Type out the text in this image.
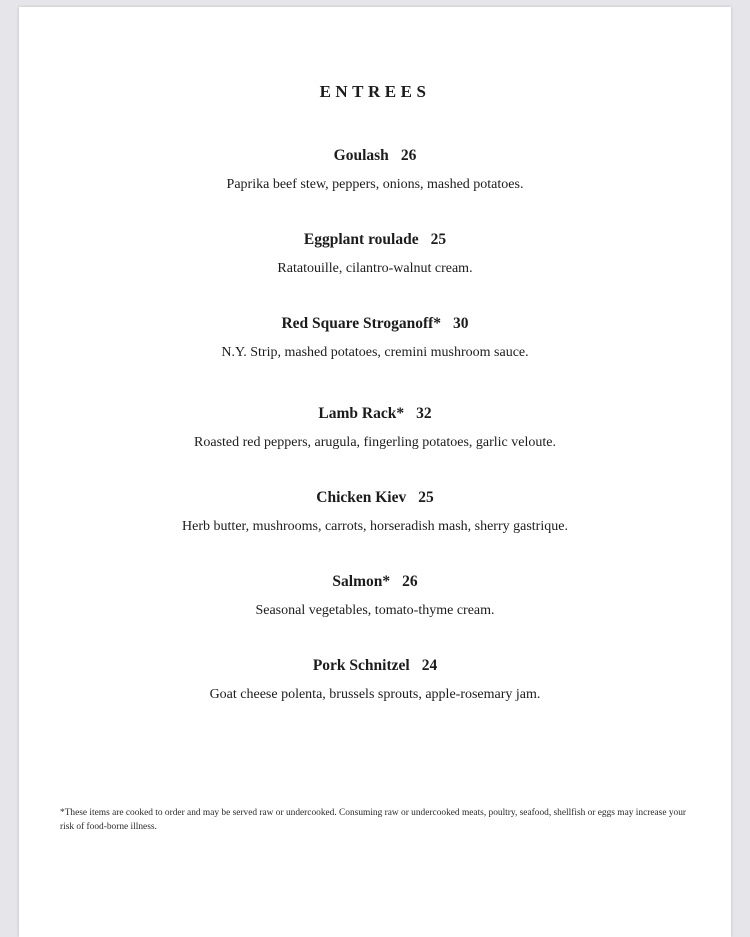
ENTREES

Goulash 26

Paprika beef stew, peppers, onions, mashed potatoes.

Eggplant roulade 25

Ratatouille, cilantro-walnut cream.

Red Square Stroganoff* 30

N.Y. Strip, mashed potatoes, cremini mushroom sauce.

Lamb Rack* 32

Roasted red peppers, arugula, fingerling potatoes, garlic veloute.

Chicken Kiev 25

Herb butter, mushrooms, carrots, horseradish mash, sherry gastrique.

Salmon* 26

Seasonal vegetables, tomato-thyme cream.

Pork Schnitzel 24

Goat cheese polenta, brussels sprouts, apple-rosemary jam.

*These items are cooked to order and may be served raw or undercooked. Consuming raw or undercooked meats, poultry, seafood, shellfish or eggs may increase your risk of food-borne illness.
